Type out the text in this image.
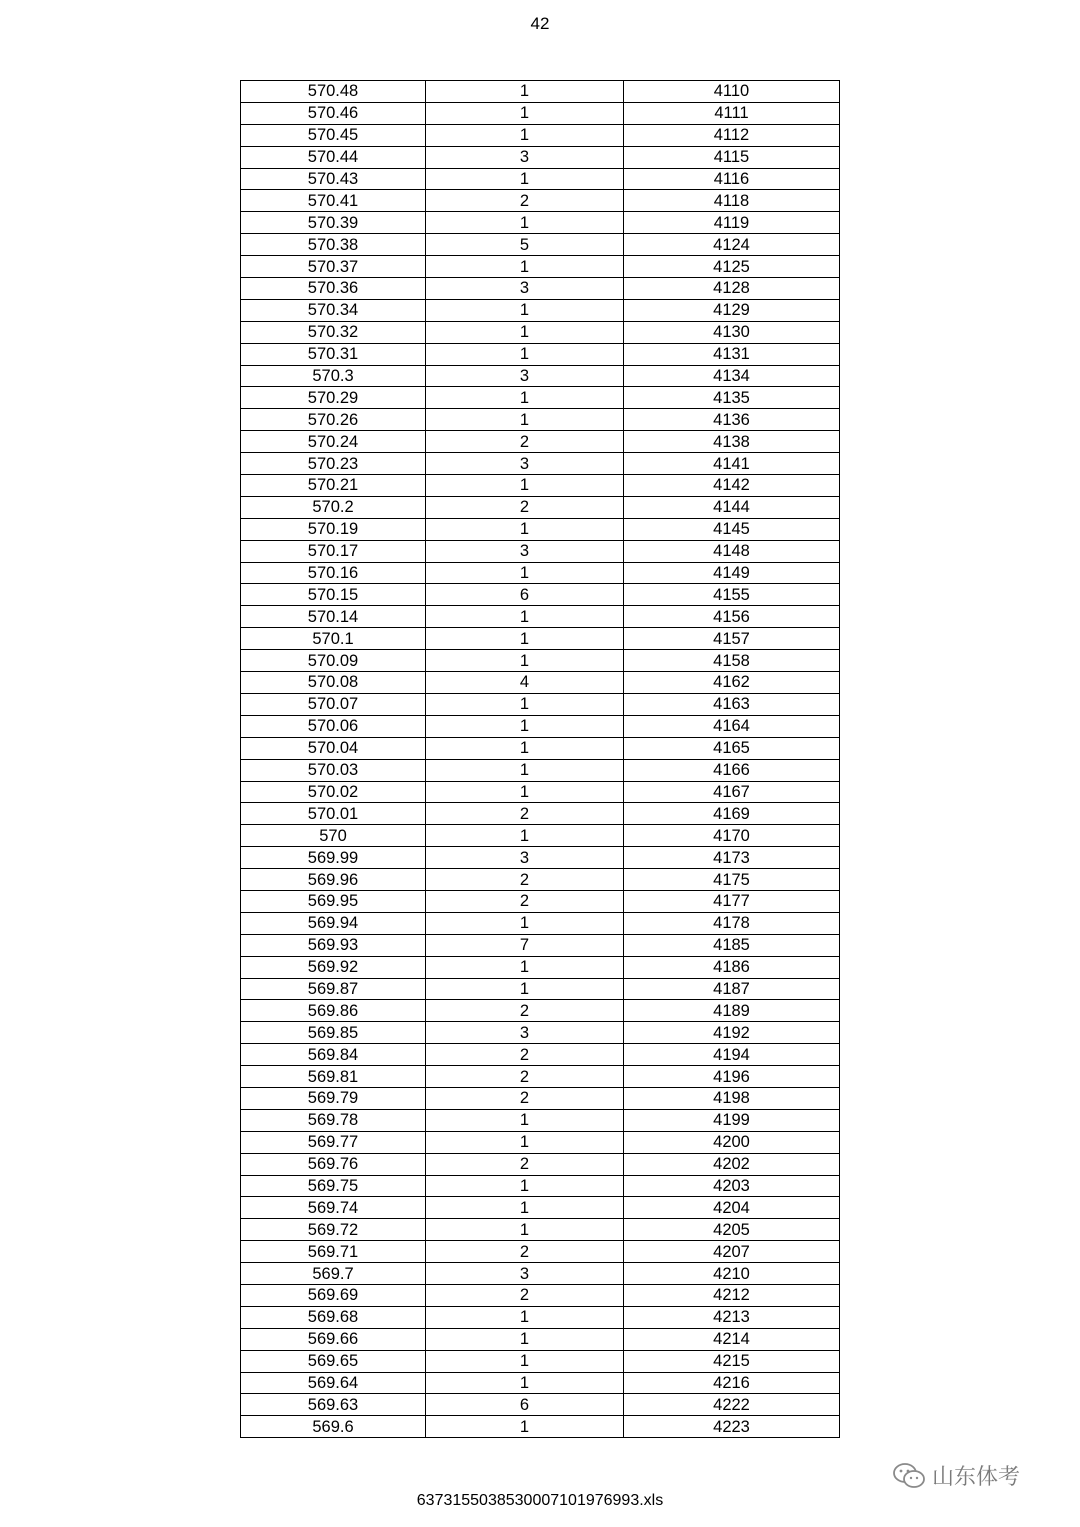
42
570.48	1	4110
570.46	1	4111
570.45	1	4112
570.44	3	4115
570.43	1	4116
570.41	2	4118
570.39	1	4119
570.38	5	4124
570.37	1	4125
570.36	3	4128
570.34	1	4129
570.32	1	4130
570.31	1	4131
570.3	3	4134
570.29	1	4135
570.26	1	4136
570.24	2	4138
570.23	3	4141
570.21	1	4142
570.2	2	4144
570.19	1	4145
570.17	3	4148
570.16	1	4149
570.15	6	4155
570.14	1	4156
570.1	1	4157
570.09	1	4158
570.08	4	4162
570.07	1	4163
570.06	1	4164
570.04	1	4165
570.03	1	4166
570.02	1	4167
570.01	2	4169
570	1	4170
569.99	3	4173
569.96	2	4175
569.95	2	4177
569.94	1	4178
569.93	7	4185
569.92	1	4186
569.87	1	4187
569.86	2	4189
569.85	3	4192
569.84	2	4194
569.81	2	4196
569.79	2	4198
569.78	1	4199
569.77	1	4200
569.76	2	4202
569.75	1	4203
569.74	1	4204
569.72	1	4205
569.71	2	4207
569.7	3	4210
569.69	2	4212
569.68	1	4213
569.66	1	4214
569.65	1	4215
569.64	1	4216
569.63	6	4222
569.6	1	4223
6373155038530007101976993.xls
山东体考
